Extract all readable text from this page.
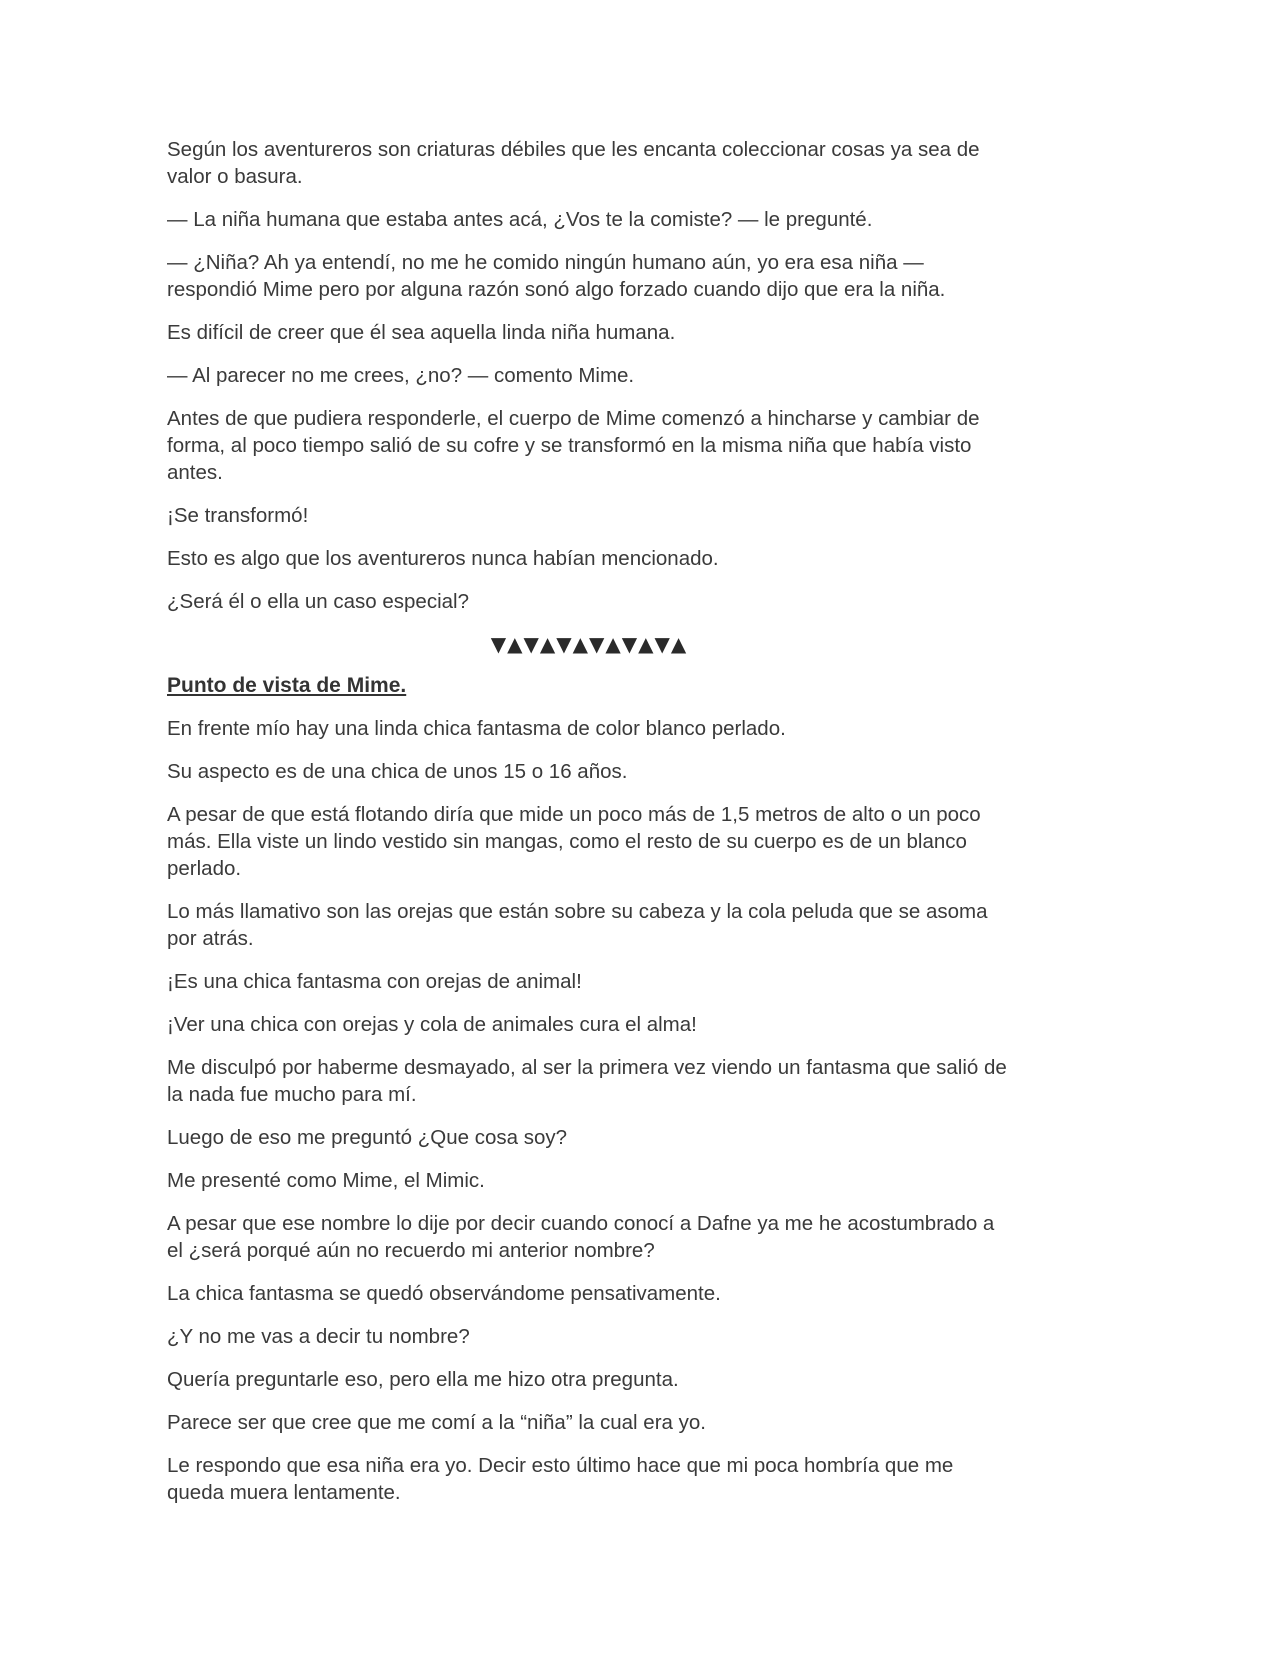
Según los aventureros son criaturas débiles que les encanta coleccionar cosas ya sea de valor o basura.

— La niña humana que estaba antes acá, ¿Vos te la comiste? — le pregunté.

— ¿Niña? Ah ya entendí, no me he comido ningún humano aún, yo era esa niña — respondió Mime pero por alguna razón sonó algo forzado cuando dijo que era la niña.

Es difícil de creer que él sea aquella linda niña humana.

— Al parecer no me crees, ¿no? — comento Mime.

Antes de que pudiera responderle, el cuerpo de Mime comenzó a hincharse y cambiar de forma, al poco tiempo salió de su cofre y se transformó en la misma niña que había visto antes.

¡Se transformó!

Esto es algo que los aventureros nunca habían mencionado.

¿Será él o ella un caso especial?

▼▲▼▲▼▲▼▲▼▲▼▲

Punto de vista de Mime.

En frente mío hay una linda chica fantasma de color blanco perlado.

Su aspecto es de una chica de unos 15 o 16 años.

A pesar de que está flotando diría que mide un poco más de 1,5 metros de alto o un poco más. Ella viste un lindo vestido sin mangas, como el resto de su cuerpo es de un blanco perlado.

Lo más llamativo son las orejas que están sobre su cabeza y la cola peluda que se asoma por atrás.

¡Es una chica fantasma con orejas de animal!

¡Ver una chica con orejas y cola de animales cura el alma!

Me disculpó por haberme desmayado, al ser la primera vez viendo un fantasma que salió de la nada fue mucho para mí.

Luego de eso me preguntó ¿Que cosa soy?

Me presenté como Mime, el Mimic.

A pesar que ese nombre lo dije por decir cuando conocí a Dafne ya me he acostumbrado a el ¿será porqué aún no recuerdo mi anterior nombre?

La chica fantasma se quedó observándome pensativamente.

¿Y no me vas a decir tu nombre?

Quería preguntarle eso, pero ella me hizo otra pregunta.

Parece ser que cree que me comí a la “niña” la cual era yo.

Le respondo que esa niña era yo. Decir esto último hace que mi poca hombría que me queda muera lentamente.
